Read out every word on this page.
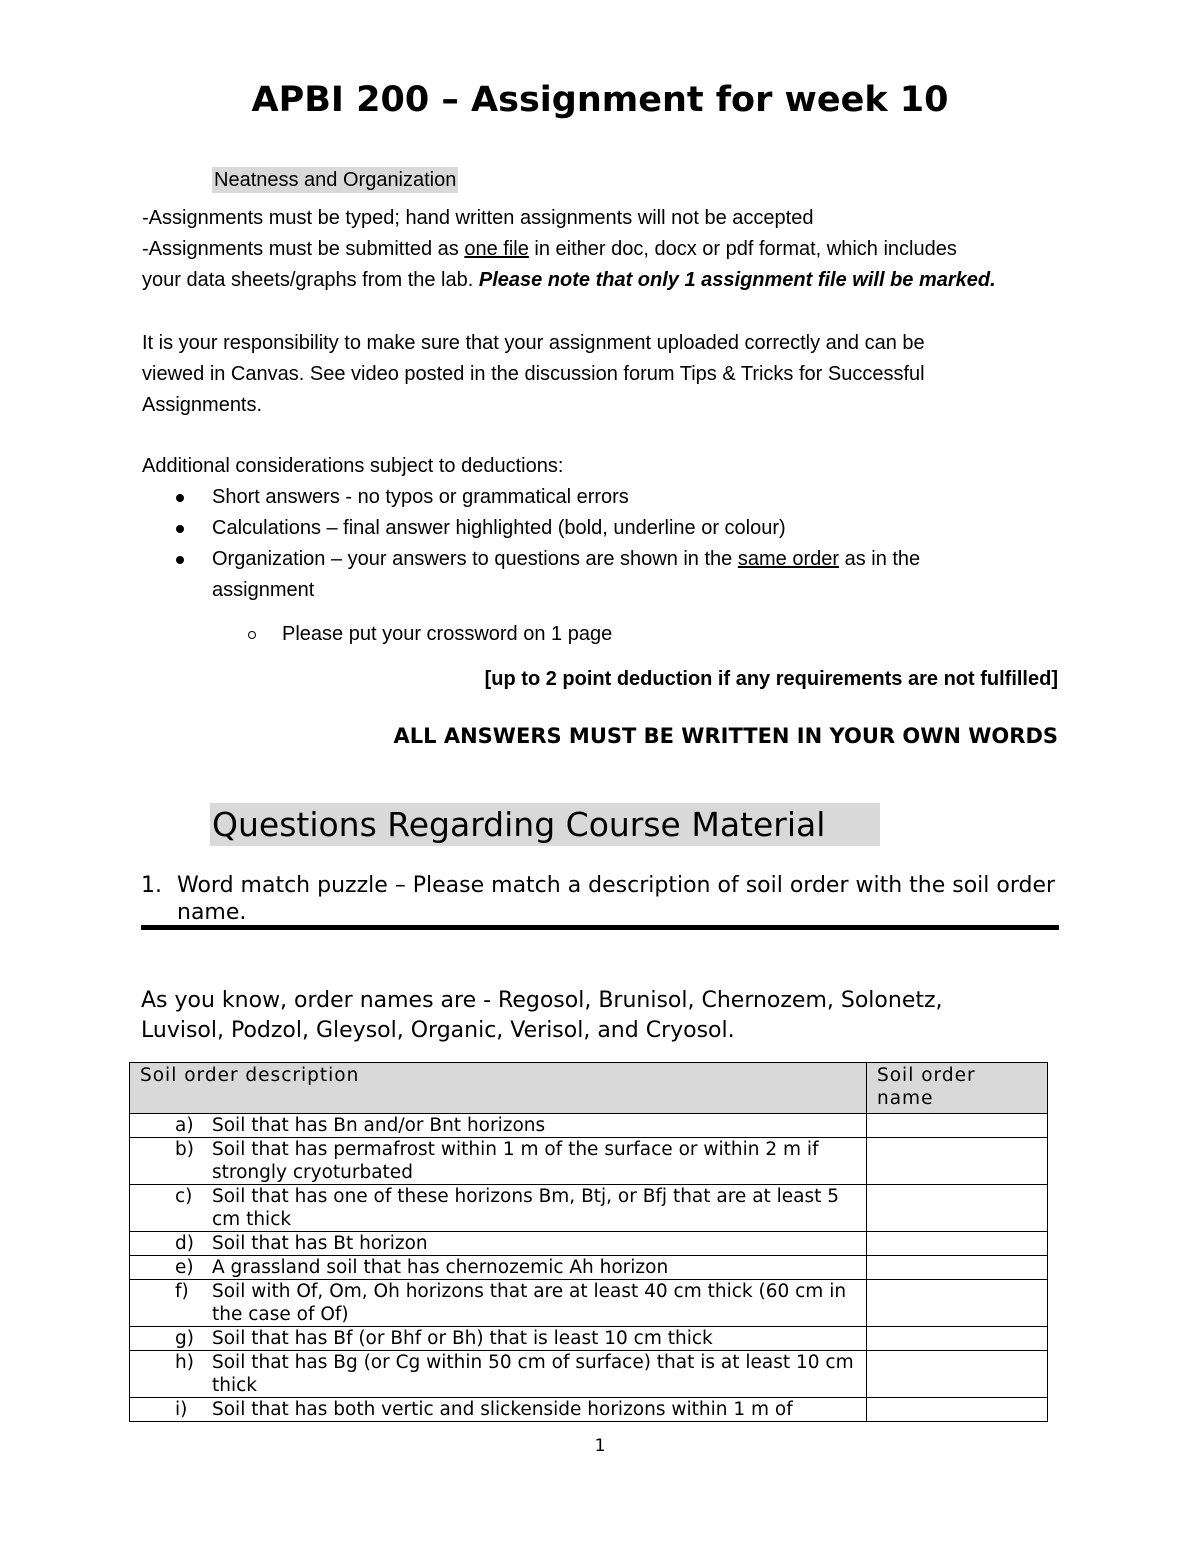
APBI 200 – Assignment for week 10
Neatness and Organization
-Assignments must be typed; hand written assignments will not be accepted
-Assignments must be submitted as one file in either doc, docx or pdf format, which includes
your data sheets/graphs from the lab. Please note that only 1 assignment file will be marked.
It is your responsibility to make sure that your assignment uploaded correctly and can be
viewed in Canvas. See video posted in the discussion forum Tips & Tricks for Successful
Assignments.
Additional considerations subject to deductions:
Short answers - no typos or grammatical errors
Calculations – final answer highlighted (bold, underline or colour)
Organization – your answers to questions are shown in the same order as in the
assignment
Please put your crossword on 1 page
[up to 2 point deduction if any requirements are not fulfilled]
ALL ANSWERS MUST BE WRITTEN IN YOUR OWN WORDS
Questions Regarding Course Material
1. Word match puzzle – Please match a description of soil order with the soil order name.
As you know, order names are - Regosol, Brunisol, Chernozem, Solonetz,
Luvisol, Podzol, Gleysol, Organic, Verisol, and Cryosol.
Soil order description	Soil order name

a) Soil that has Bn and/or Bnt horizons	

b) Soil that has permafrost within 1 m of the surface or within 2 m if strongly cryoturbated	

c) Soil that has one of these horizons Bm, Btj, or Bfj that are at least 5 cm thick	

d) Soil that has Bt horizon	

e) A grassland soil that has chernozemic Ah horizon	

f) Soil with Of, Om, Oh horizons that are at least 40 cm thick (60 cm in the case of Of)	

g) Soil that has Bf (or Bhf or Bh) that is least 10 cm thick	

h) Soil that has Bg (or Cg within 50 cm of surface) that is at least 10 cm thick	

i) Soil that has both vertic and slickenside horizons within 1 m of	
1
